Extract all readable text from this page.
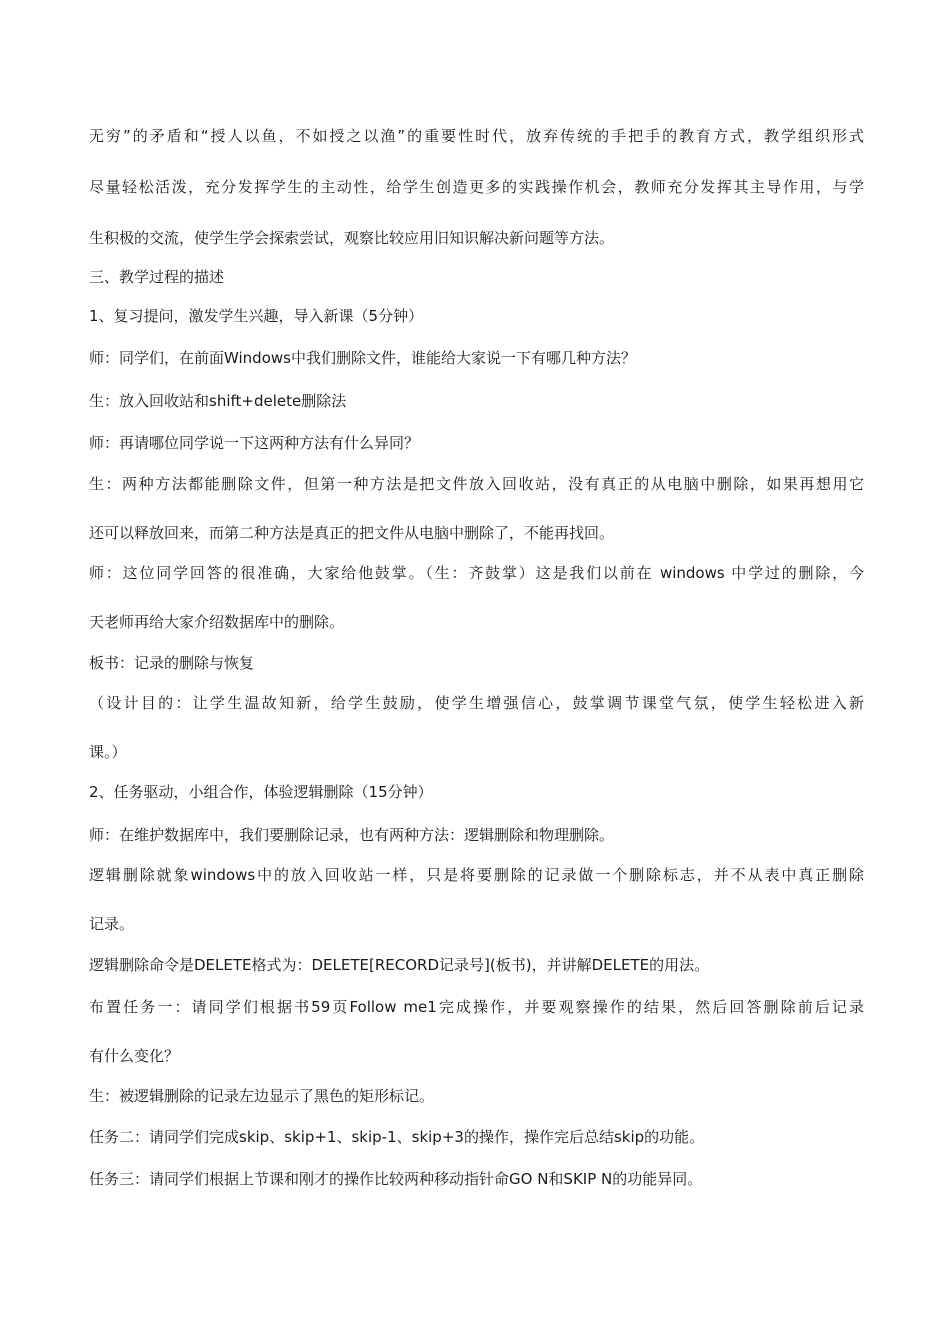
无穷”的矛盾和“授人以鱼，不如授之以渔”的重要性时代，放弃传统的手把手的教育方式，教学组织形式
尽量轻松活泼，充分发挥学生的主动性，给学生创造更多的实践操作机会，教师充分发挥其主导作用，与学
生积极的交流，使学生学会探索尝试，观察比较应用旧知识解决新问题等方法。
三、教学过程的描述
1、复习提问，激发学生兴趣，导入新课（5分钟）
师：同学们，在前面Windows中我们删除文件，谁能给大家说一下有哪几种方法？
生：放入回收站和shift+delete删除法
师：再请哪位同学说一下这两种方法有什么异同？
生：两种方法都能删除文件，但第一种方法是把文件放入回收站，没有真正的从电脑中删除，如果再想用它
还可以释放回来，而第二种方法是真正的把文件从电脑中删除了，不能再找回。
师：这位同学回答的很准确，大家给他鼓掌。（生：齐鼓掌）这是我们以前在 windows 中学过的删除，今
天老师再给大家介绍数据库中的删除。
板书：记录的删除与恢复
（设计目的：让学生温故知新，给学生鼓励，使学生增强信心，鼓掌调节课堂气氛，使学生轻松进入新
课。）
2、任务驱动，小组合作，体验逻辑删除（15分钟）
师：在维护数据库中，我们要删除记录，也有两种方法：逻辑删除和物理删除。
逻辑删除就象windows中的放入回收站一样，只是将要删除的记录做一个删除标志，并不从表中真正删除
记录。
逻辑删除命令是DELETE格式为：DELETE[RECORD记录号](板书)，并讲解DELETE的用法。
布置任务一：请同学们根据书59页Follow me1完成操作，并要观察操作的结果，然后回答删除前后记录
有什么变化？
生：被逻辑删除的记录左边显示了黑色的矩形标记。
任务二：请同学们完成skip、skip+1、skip-1、skip+3的操作，操作完后总结skip的功能。
任务三：请同学们根据上节课和刚才的操作比较两种移动指针命GO N和SKIP N的功能异同。
